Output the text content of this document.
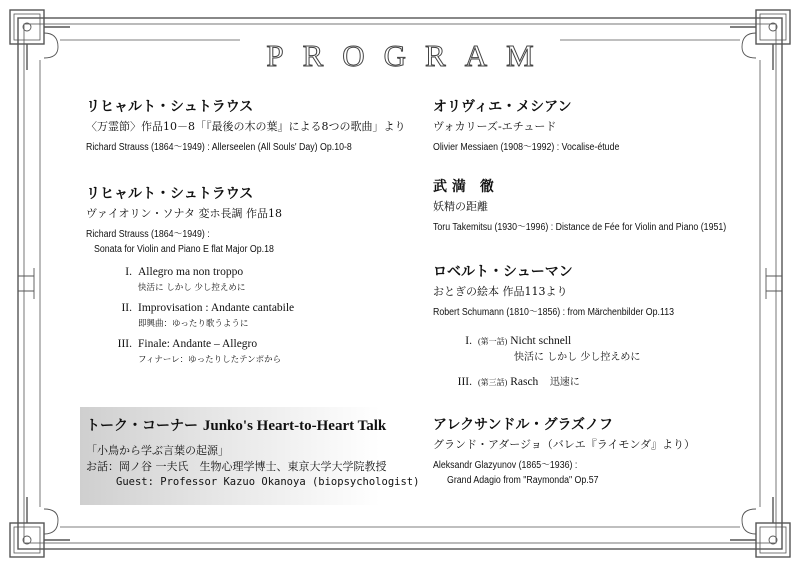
PROGRAM
リヒャルト・シュトラウス
〈万霊節〉作品10－8「『最後の木の葉』による8つの歌曲」より
Richard Strauss (1864～1949) : Allerseelen (All Souls' Day) Op.10-8
リヒャルト・シュトラウス
ヴァイオリン・ソナタ 変ホ長調 作品18
Richard Strauss (1864～1949) :
Sonata for Violin and Piano E flat Major Op.18
I. Allegro ma non troppo
快活に しかし 少し控えめに
II. Improvisation : Andante cantabile
即興曲：ゆったり歌うように
III. Finale: Andante – Allegro
フィナーレ：ゆったりしたテンポから
トーク・コーナー Junko's Heart-to-Heart Talk
「小鳥から学ぶ言葉の起源」
お話：岡ノ谷 一夫氏　生物心理学博士、東京大学大学院教授
Guest: Professor Kazuo Okanoya (biopsychologist)
オリヴィエ・メシアン
ヴォカリーズ-エチュード
Olivier Messiaen (1908～1992) : Vocalise-étude
武 満　徹
妖精の距離
Toru Takemitsu (1930～1996) : Distance de Fée for Violin and Piano (1951)
ロベルト・シューマン
おとぎの絵本 作品113より
Robert Schumann (1810～1856) : from Märchenbilder Op.113
I. (第一話) Nicht schnell
快活に しかし 少し控えめに
III. (第三話) Rasch　 迅速に
アレクサンドル・グラズノフ
グランド・アダージョ（バレエ『ライモンダ』より）
Aleksandr Glazyunov (1865～1936) :
Grand Adagio from "Raymonda" Op.57
